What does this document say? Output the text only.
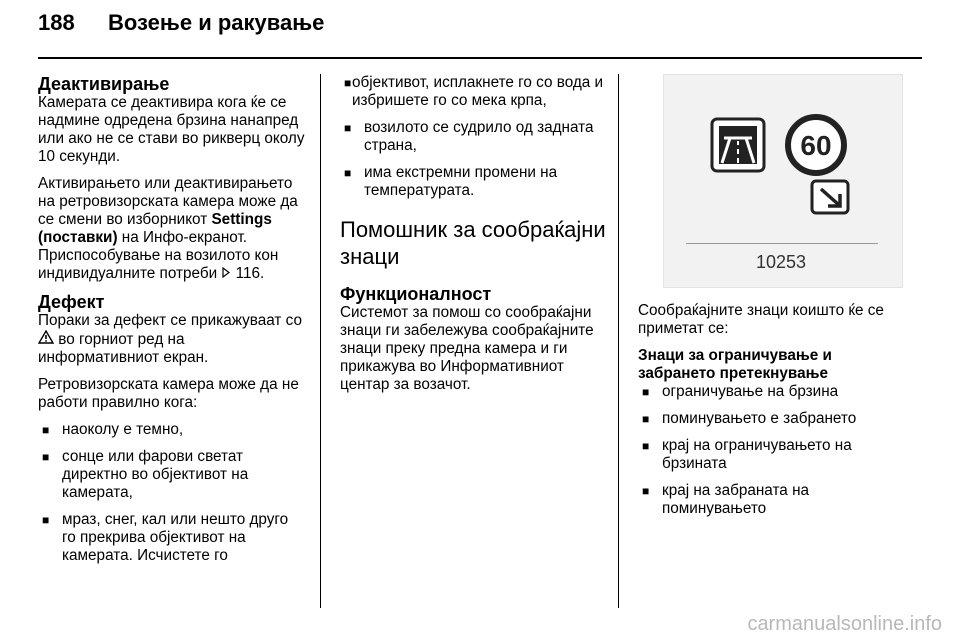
188	Возење и ракување
Деактивирање

Камерата се деактивира кога ќе се надмине одредена брзина нанапред или ако не се стави во рикверц околу 10 секунди.

Активирањето или деактивирањето на ретровизорската камера може да се смени во изборникот Settings (поставки) на Инфо-екранот. Приспособување на возилото кон индивидуалните потреби 116.

Дефект

Пораки за дефект се прикажуваат со  во горниот ред на информативниот екран.

Ретровизорската камера може да не работи правилно кога:

■ наоколу е темно,
■ сонце или фарови светат директно во објективот на камерата,
■ мраз, снег, кал или нешто друго го прекрива објективот на камерата. Исчистете го
■ објективот, исплакнете го со вода и избришете го со мека крпа,
■ возилото се судрило од задната страна,
■ има екстремни промени на температурата.
Помошник за сообраќајни знаци
Функционалност

Системот за помош со сообраќајни знаци ги забележува сообраќајните знаци преку предна камера и ги прикажува во Информативниот центар за возачот.

60
10253

Сообраќајните знаци коишто ќе се приметат се:

Знаци за ограничување и забрането претекнување
■ ограничување на брзина
■ поминувањето е забрането
■ крај на ограничувањето на брзината
■ крај на забраната на поминувањето
carmanualsonline.info
